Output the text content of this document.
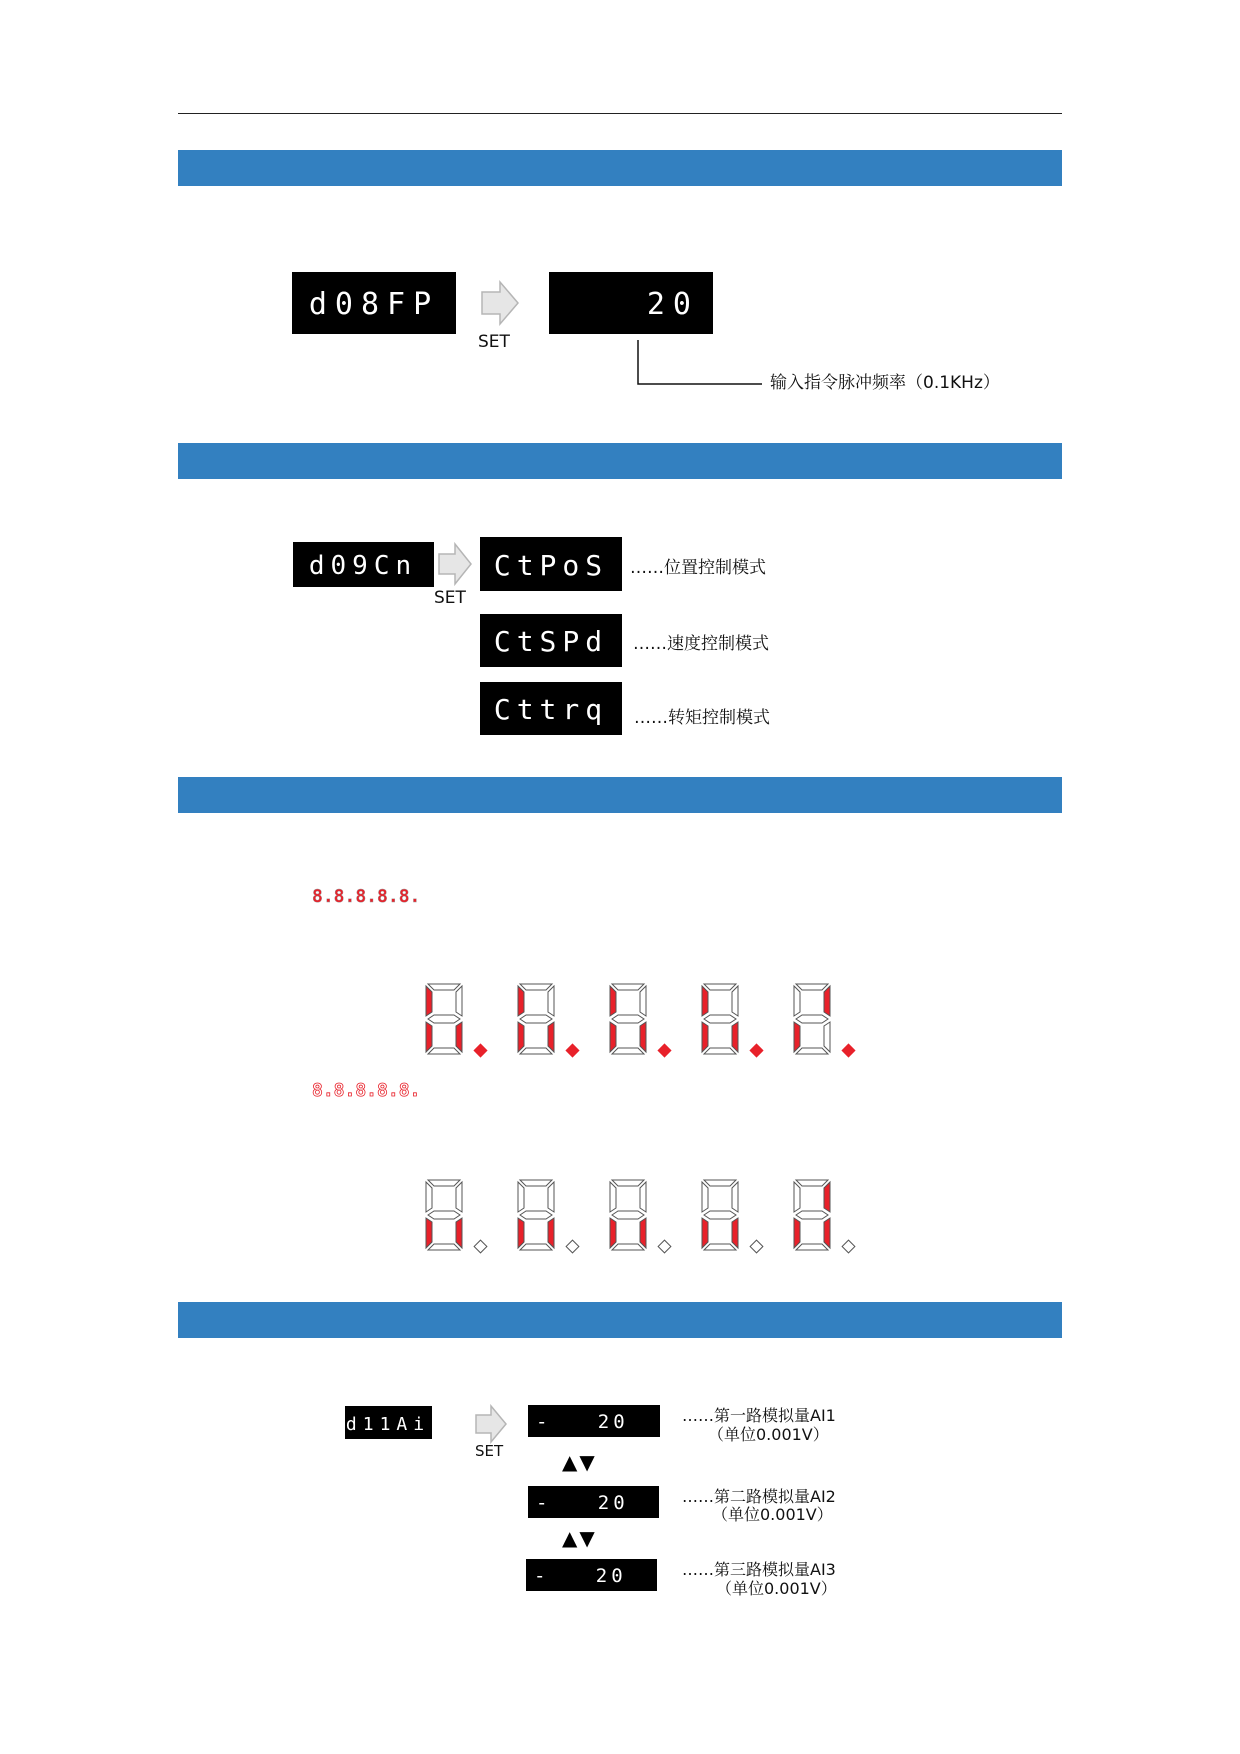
d08FP
SET
20
输入指令脉冲频率（0.1KHz）
d09Cn
SET
CtPoS ……位置控制模式
CtSPd ……速度控制模式
Cttrq ……转矩控制模式
8.8.8.8.8.
8.8.8.8.8.
d11Ai
SET
-   20	……第一路模拟量AI1
（单位0.001V）
▲▼
-   20	……第二路模拟量AI2
（单位0.001V）
▲▼
-   20	……第三路模拟量AI3
（单位0.001V）
